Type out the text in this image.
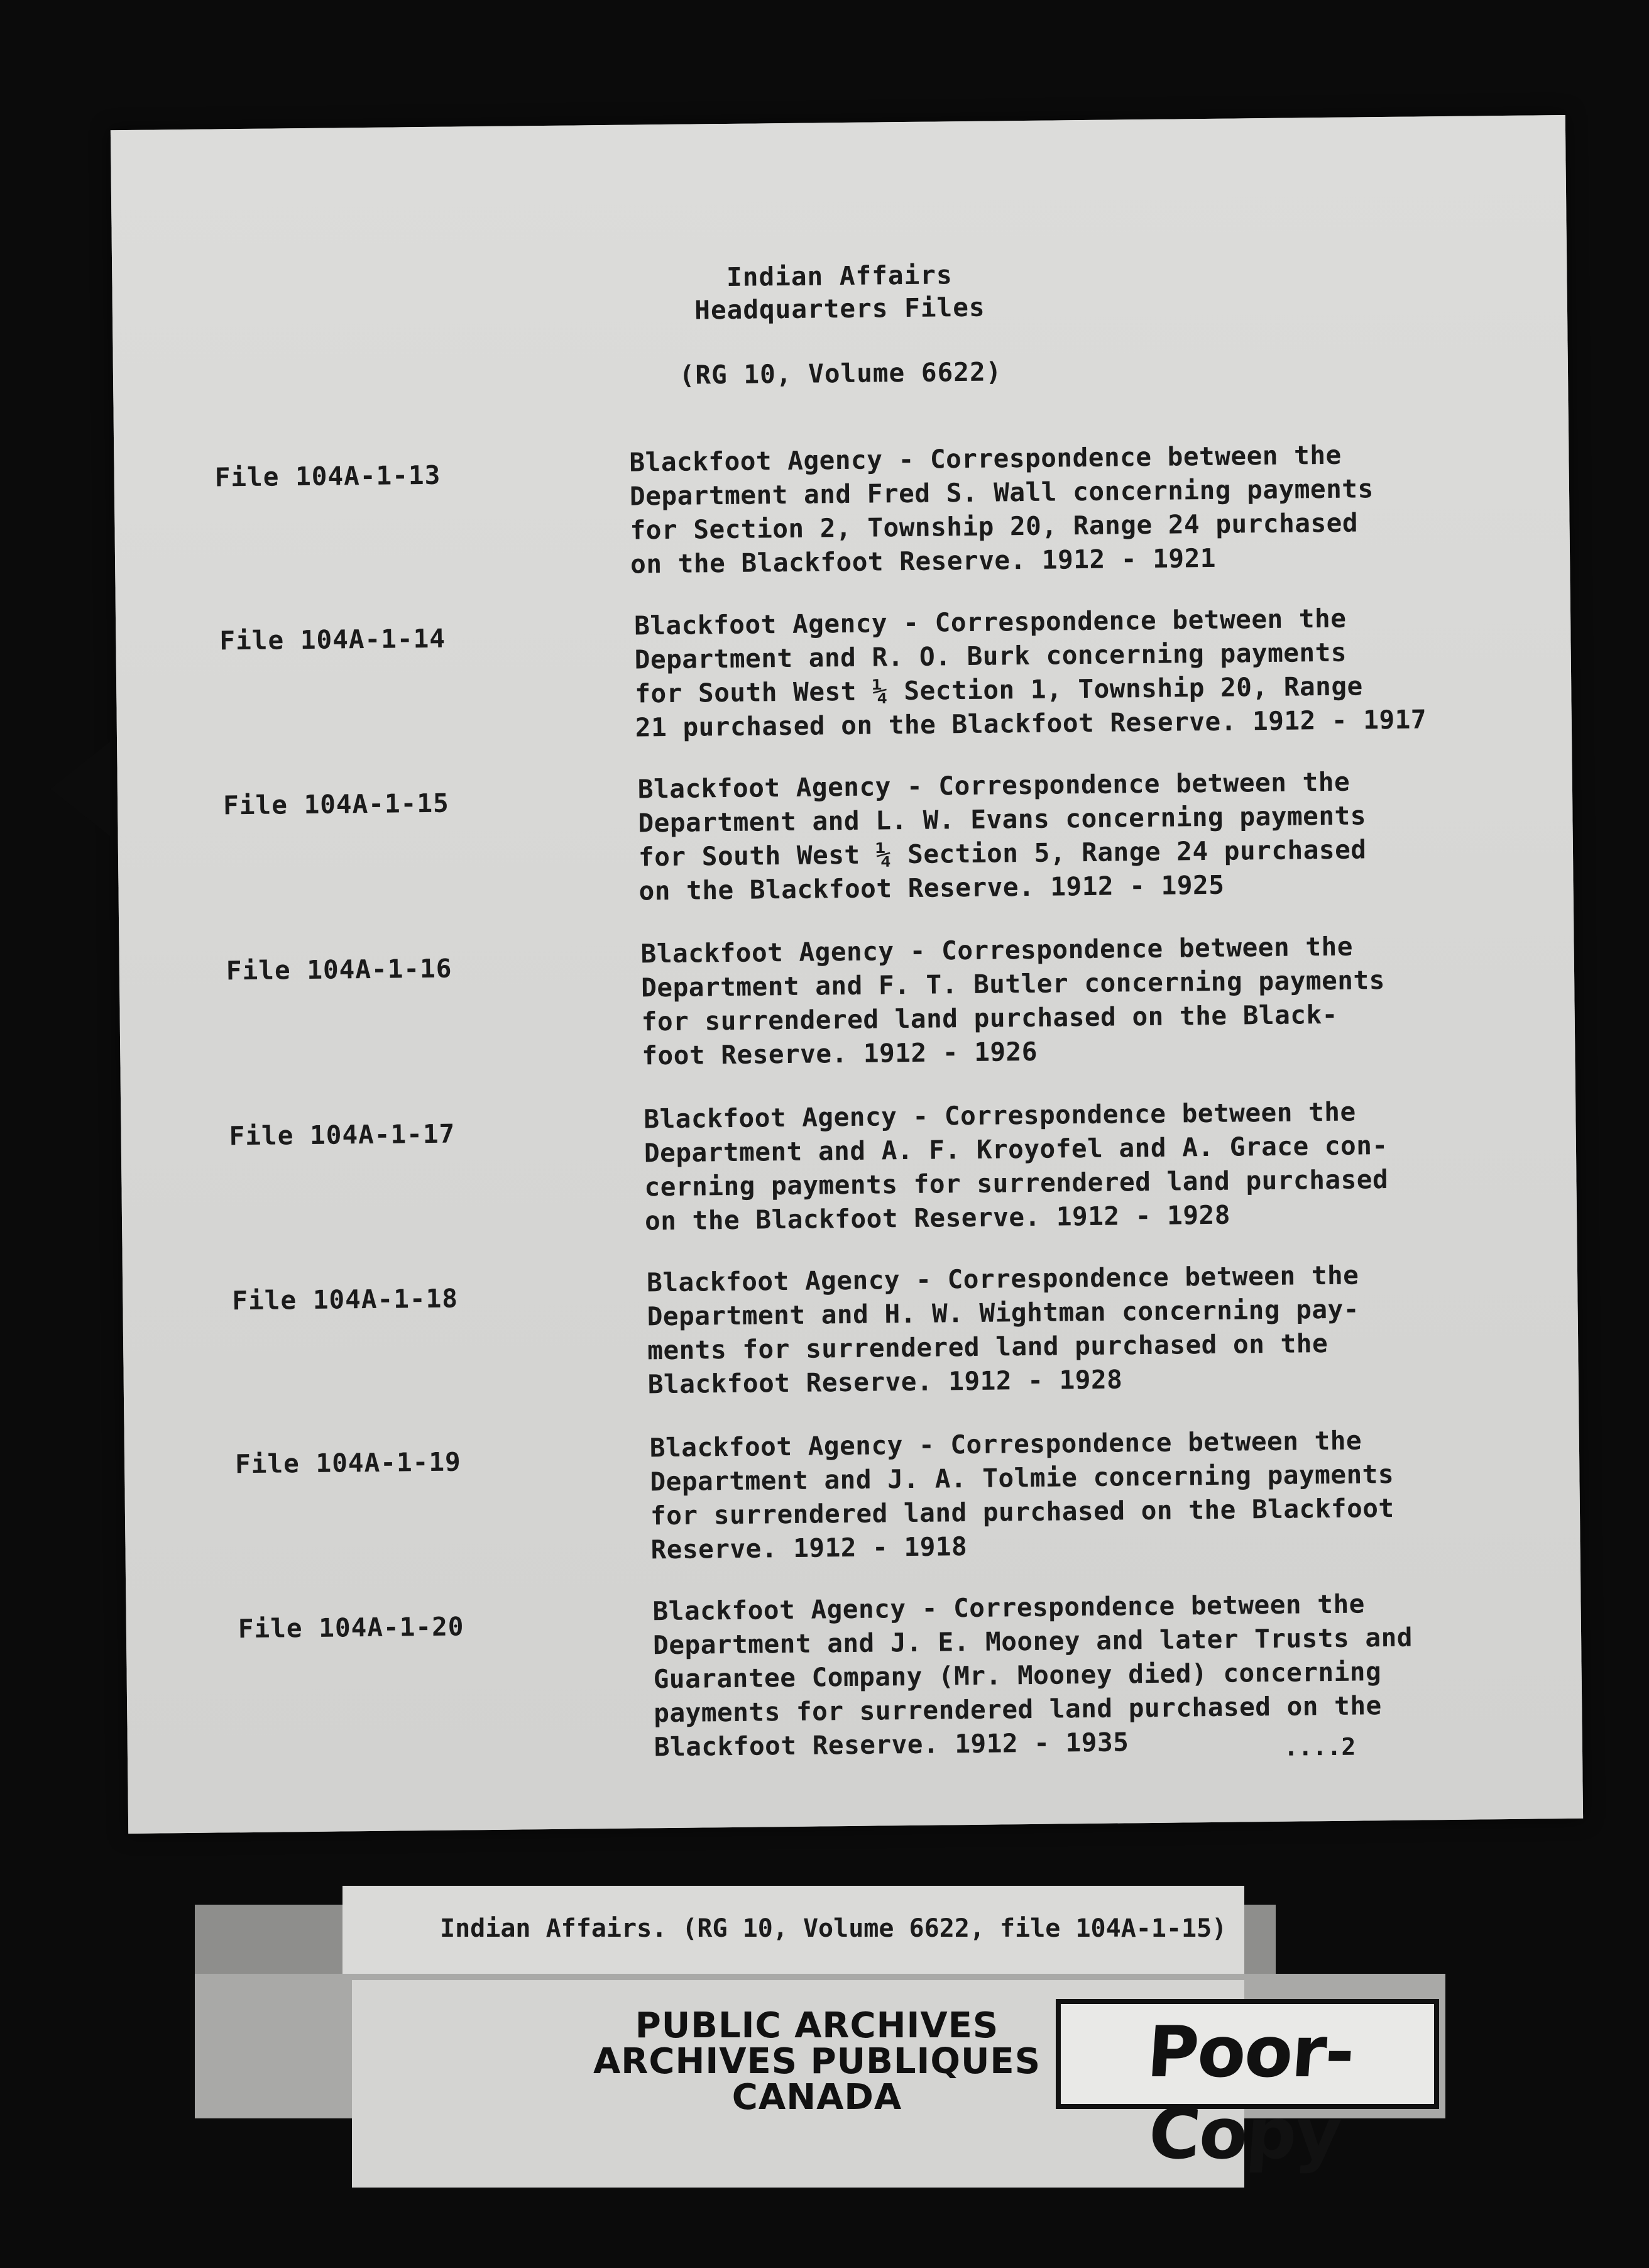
Indian Affairs
Headquarters Files
(RG 10, Volume 6622)
File 104A-1-13	Blackfoot Agency - Correspondence between the
Department and Fred S. Wall concerning payments
for Section 2, Township 20, Range 24 purchased
on the Blackfoot Reserve. 1912 - 1921
File 104A-1-14	Blackfoot Agency - Correspondence between the
Department and R. O. Burk concerning payments
for South West ¼ Section 1, Township 20, Range
21 purchased on the Blackfoot Reserve. 1912 - 1917
File 104A-1-15
Blackfoot Agency - Correspondence between the
Department and L. W. Evans concerning payments
for South West ¼ Section 5, Range 24 purchased
on the Blackfoot Reserve. 1912 - 1925
File 104A-1-16
Blackfoot Agency - Correspondence between the
Department and F. T. Butler concerning payments
for surrendered land purchased on the Black-
foot Reserve. 1912 - 1926
File 104A-1-17
Blackfoot Agency - Correspondence between the
Department and A. F. Kroyofel and A. Grace con-
cerning payments for surrendered land purchased
on the Blackfoot Reserve. 1912 - 1928
File 104A-1-18
Blackfoot Agency - Correspondence between the
Department and H. W. Wightman concerning pay-
ments for surrendered land purchased on the
Blackfoot Reserve. 1912 - 1928
File 104A-1-19
Blackfoot Agency - Correspondence between the
Department and J. A. Tolmie concerning payments
for surrendered land purchased on the Blackfoot
Reserve. 1912 - 1918
File 104A-1-20
Blackfoot Agency - Correspondence between the
Department and J. E. Mooney and later Trusts and
Guarantee Company (Mr. Mooney died) concerning
payments for surrendered land purchased on the
Blackfoot Reserve. 1912 - 1935	....2
Indian Affairs. (RG 10, Volume 6622, file 104A-1-15)
PUBLIC ARCHIVES
ARCHIVES PUBLIQUES
CANADA
Poor-Copy
